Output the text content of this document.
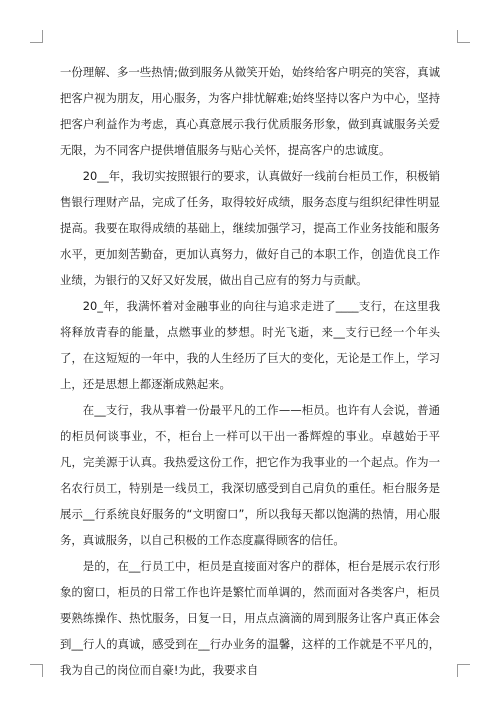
一份理解、多一些热情;做到服务从微笑开始，始终给客户明亮的笑容，真诚把客户视为朋友，用心服务，为客户排忧解难;始终坚持以客户为中心，坚持把客户利益作为考虑，真心真意展示我行优质服务形象，做到真诚服务关爱无限，为不同客户提供增值服务与贴心关怀，提高客户的忠诚度。

20__年，我切实按照银行的要求，认真做好一线前台柜员工作，积极销售银行理财产品，完成了任务，取得较好成绩，服务态度与组织纪律性明显提高。我要在取得成绩的基础上，继续加强学习，提高工作业务技能和服务水平，更加刻苦勤奋，更加认真努力，做好自己的本职工作，创造优良工作业绩，为银行的又好又好发展，做出自己应有的努力与贡献。

20_年，我满怀着对金融事业的向往与追求走进了____支行，在这里我将释放青春的能量，点燃事业的梦想。时光飞逝，来__支行已经一个年头了，在这短短的一年中，我的人生经历了巨大的变化，无论是工作上，学习上，还是思想上都逐渐成熟起来。

在__支行，我从事着一份最平凡的工作——柜员。也许有人会说，普通的柜员何谈事业，不，柜台上一样可以干出一番辉煌的事业。卓越始于平凡，完美源于认真。我热爱这份工作，把它作为我事业的一个起点。作为一名农行员工，特别是一线员工，我深切感受到自己肩负的重任。柜台服务是展示__行系统良好服务的“文明窗口”，所以我每天都以饱满的热情，用心服务，真诚服务，以自己积极的工作态度赢得顾客的信任。

是的，在__行员工中，柜员是直接面对客户的群体，柜台是展示农行形象的窗口，柜员的日常工作也许是繁忙而单调的，然而面对各类客户，柜员要熟练操作、热忱服务，日复一日，用点点滴滴的周到服务让客户真正体会到__行人的真诚，感受到在__行办业务的温馨，这样的工作就是不平凡的，我为自己的岗位而自豪!为此，我要求自
